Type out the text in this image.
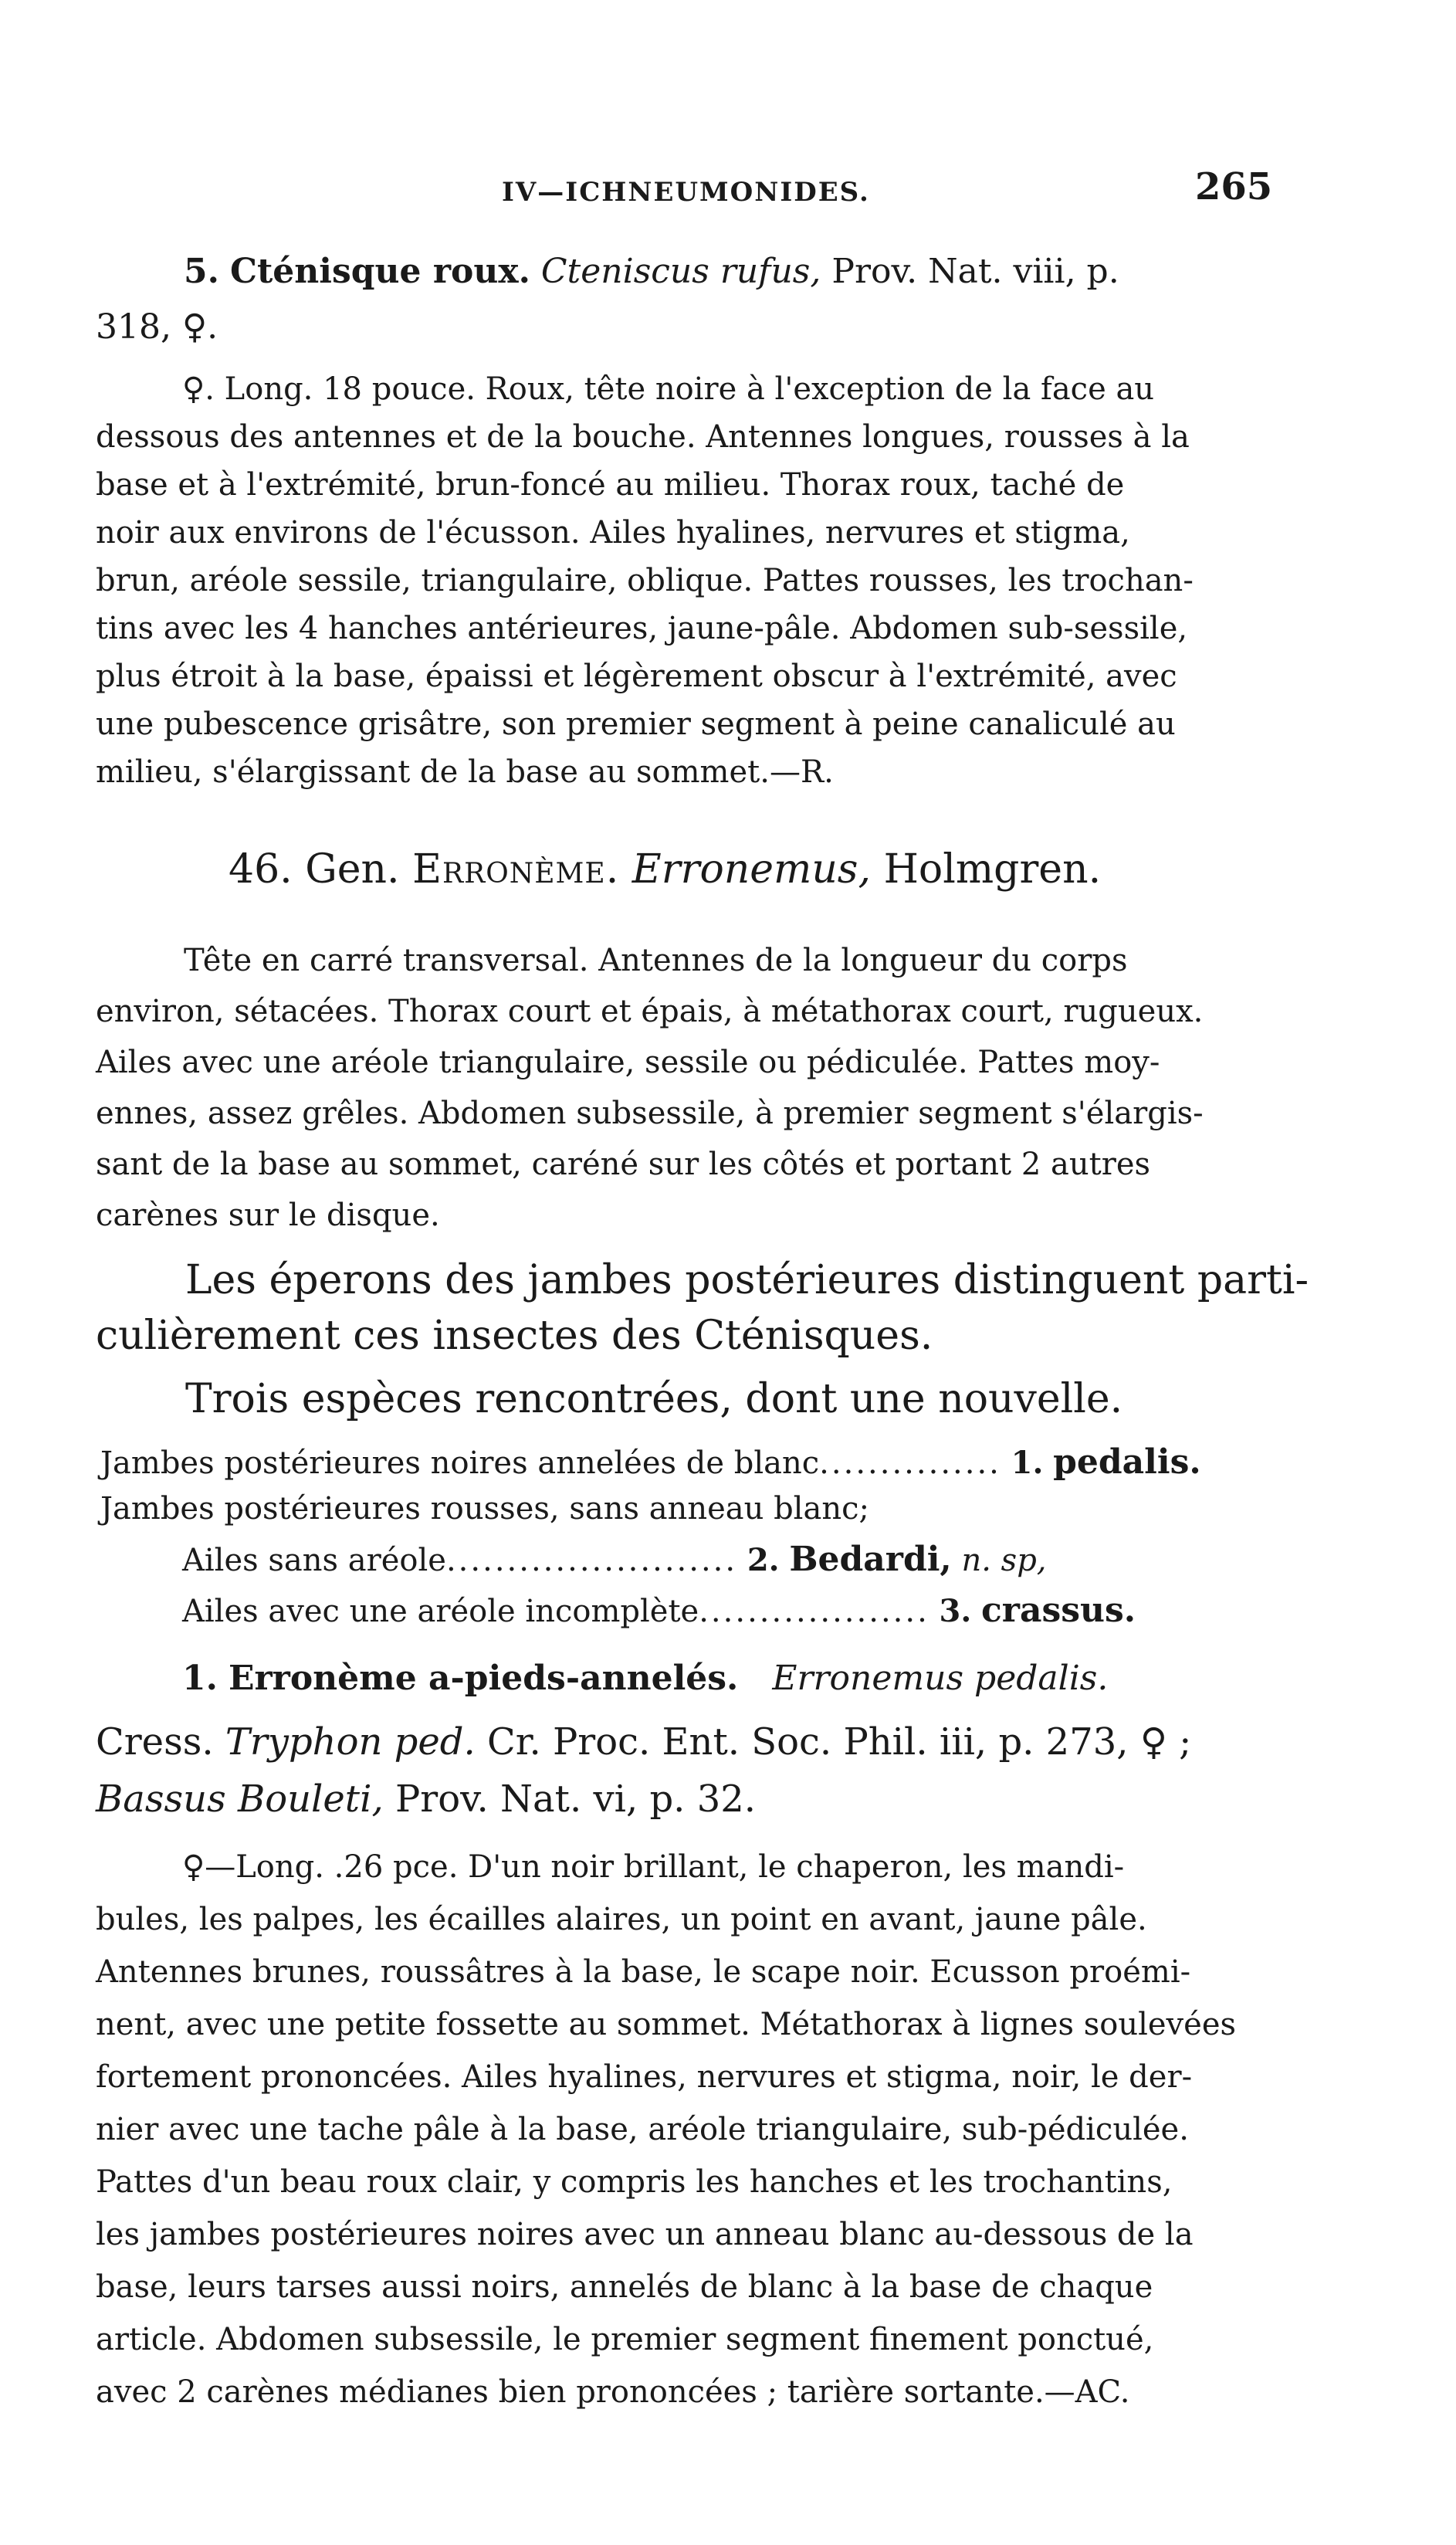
IV—ICHNEUMONIDES.	265
5. Cténisque roux. Cteniscus rufus, Prov. Nat. viii, p.
318, ♀.
♀. Long. 18 pouce. Roux, tête noire à l'exception de la face au
dessous des antennes et de la bouche. Antennes longues, rousses à la
base et à l'extrémité, brun-foncé au milieu. Thorax roux, taché de
noir aux environs de l'écusson. Ailes hyalines, nervures et stigma,
brun, aréole sessile, triangulaire, oblique. Pattes rousses, les trochan-
tins avec les 4 hanches antérieures, jaune-pâle. Abdomen sub-sessile,
plus étroit à la base, épaissi et légèrement obscur à l'extrémité, avec
une pubescence grisâtre, son premier segment à peine canaliculé au
milieu, s'élargissant de la base au sommet.—R.
46. Gen. Erronème. Erronemus, Holmgren.
Tête en carré transversal. Antennes de la longueur du corps
environ, sétacées. Thorax court et épais, à métathorax court, rugueux.
Ailes avec une aréole triangulaire, sessile ou pédiculée. Pattes moy-
ennes, assez grêles. Abdomen subsessile, à premier segment s'élargis-
sant de la base au sommet, caréné sur les côtés et portant 2 autres
carènes sur le disque.
Les éperons des jambes postérieures distinguent parti-
culièrement ces insectes des Cténisques.
Trois espèces rencontrées, dont une nouvelle.
Jambes postérieures noires annelées de blanc............... 1. pedalis.
Jambes postérieures rousses, sans anneau blanc;
Ailes sans aréole........................ 2. Bedardi, n. sp,
Ailes avec une aréole incomplète................... 3. crassus.
1. Erronème a-pieds-annelés. Erronemus pedalis.
Cress. Tryphon ped. Cr. Proc. Ent. Soc. Phil. iii, p. 273, ♀ ;
Bassus Bouleti, Prov. Nat. vi, p. 32.
♀—Long. .26 pce. D'un noir brillant, le chaperon, les mandi-
bules, les palpes, les écailles alaires, un point en avant, jaune pâle.
Antennes brunes, roussâtres à la base, le scape noir. Ecusson proémi-
nent, avec une petite fossette au sommet. Métathorax à lignes soulevées
fortement prononcées. Ailes hyalines, nervures et stigma, noir, le der-
nier avec une tache pâle à la base, aréole triangulaire, sub-pédiculée.
Pattes d'un beau roux clair, y compris les hanches et les trochantins,
les jambes postérieures noires avec un anneau blanc au-dessous de la
base, leurs tarses aussi noirs, annelés de blanc à la base de chaque
article. Abdomen subsessile, le premier segment finement ponctué,
avec 2 carènes médianes bien prononcées ; tarière sortante.—AC.
